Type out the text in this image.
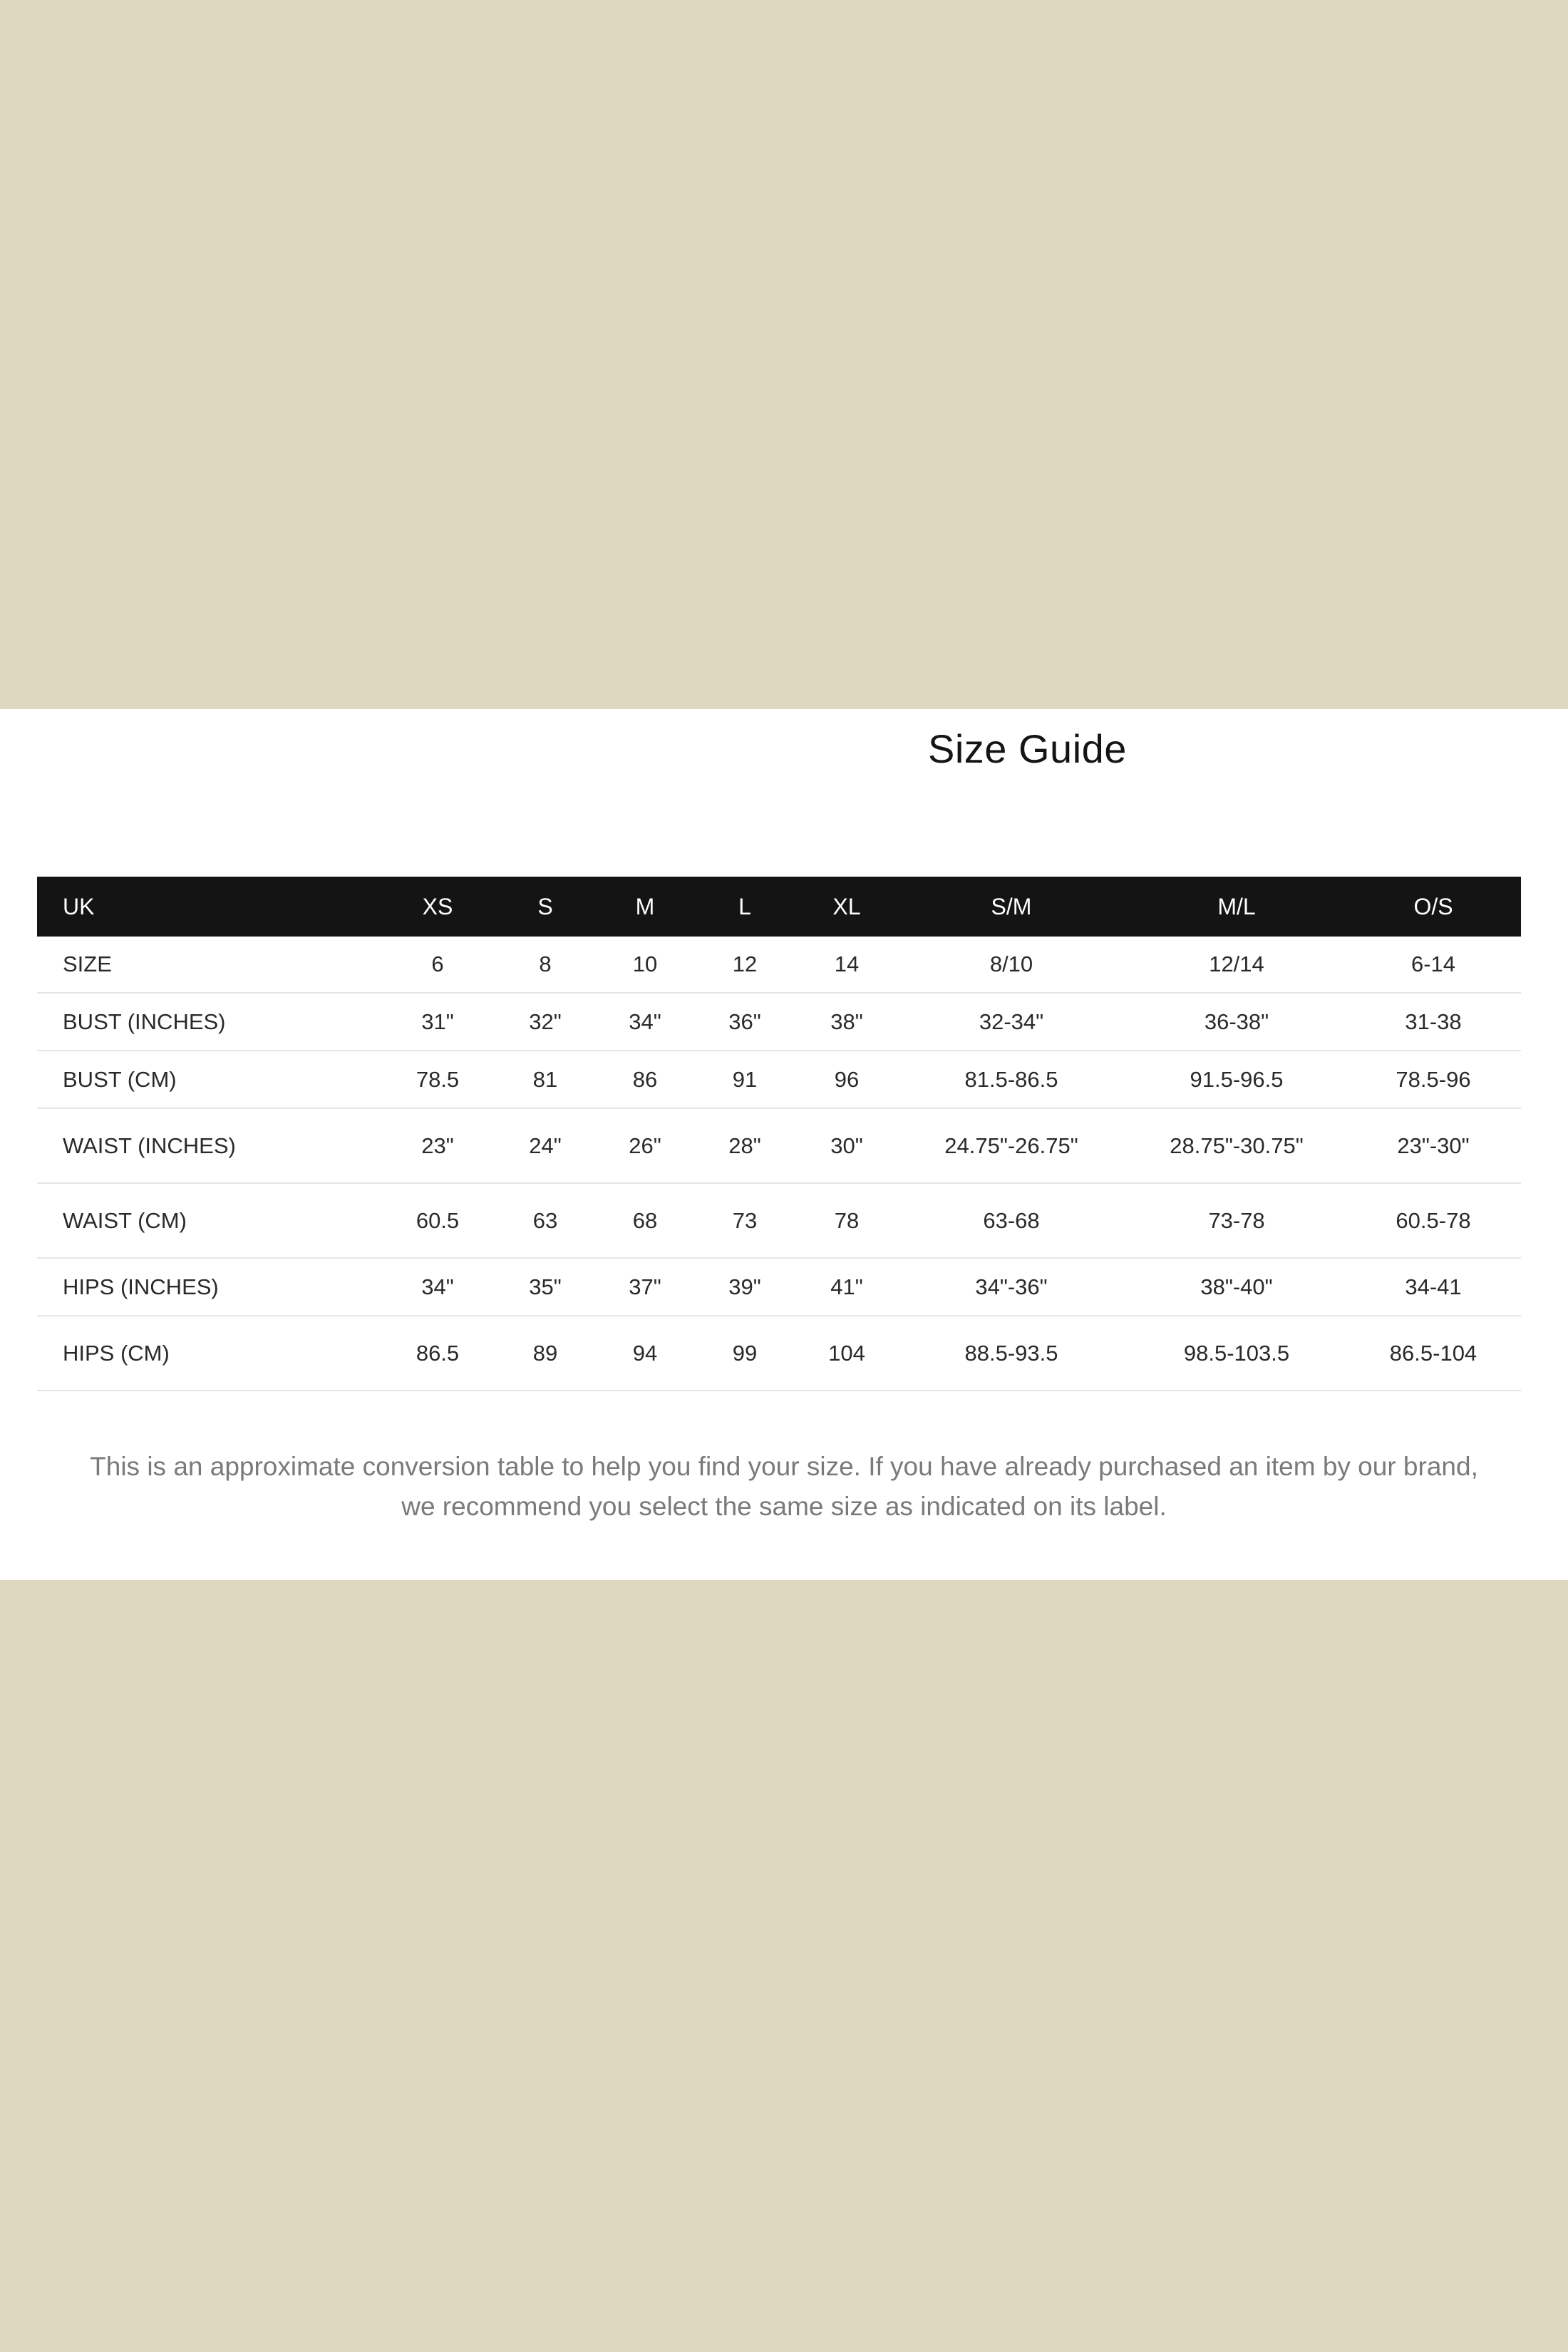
Size Guide
UK	XS	S	M	L	XL	S/M	M/L	O/S
SIZE	6	8	10	12	14	8/10	12/14	6-14
BUST (INCHES)	31"	32"	34"	36"	38"	32-34"	36-38"	31-38
BUST (CM)	78.5	81	86	91	96	81.5-86.5	91.5-96.5	78.5-96
WAIST (INCHES)	23"	24"	26"	28"	30"	24.75"-26.75"	28.75"-30.75"	23"-30"
WAIST (CM)	60.5	63	68	73	78	63-68	73-78	60.5-78
HIPS (INCHES)	34"	35"	37"	39"	41"	34"-36"	38"-40"	34-41
HIPS (CM)	86.5	89	94	99	104	88.5-93.5	98.5-103.5	86.5-104

This is an approximate conversion table to help you find your size. If you have already purchased an item by our brand, we recommend you select the same size as indicated on its label.
